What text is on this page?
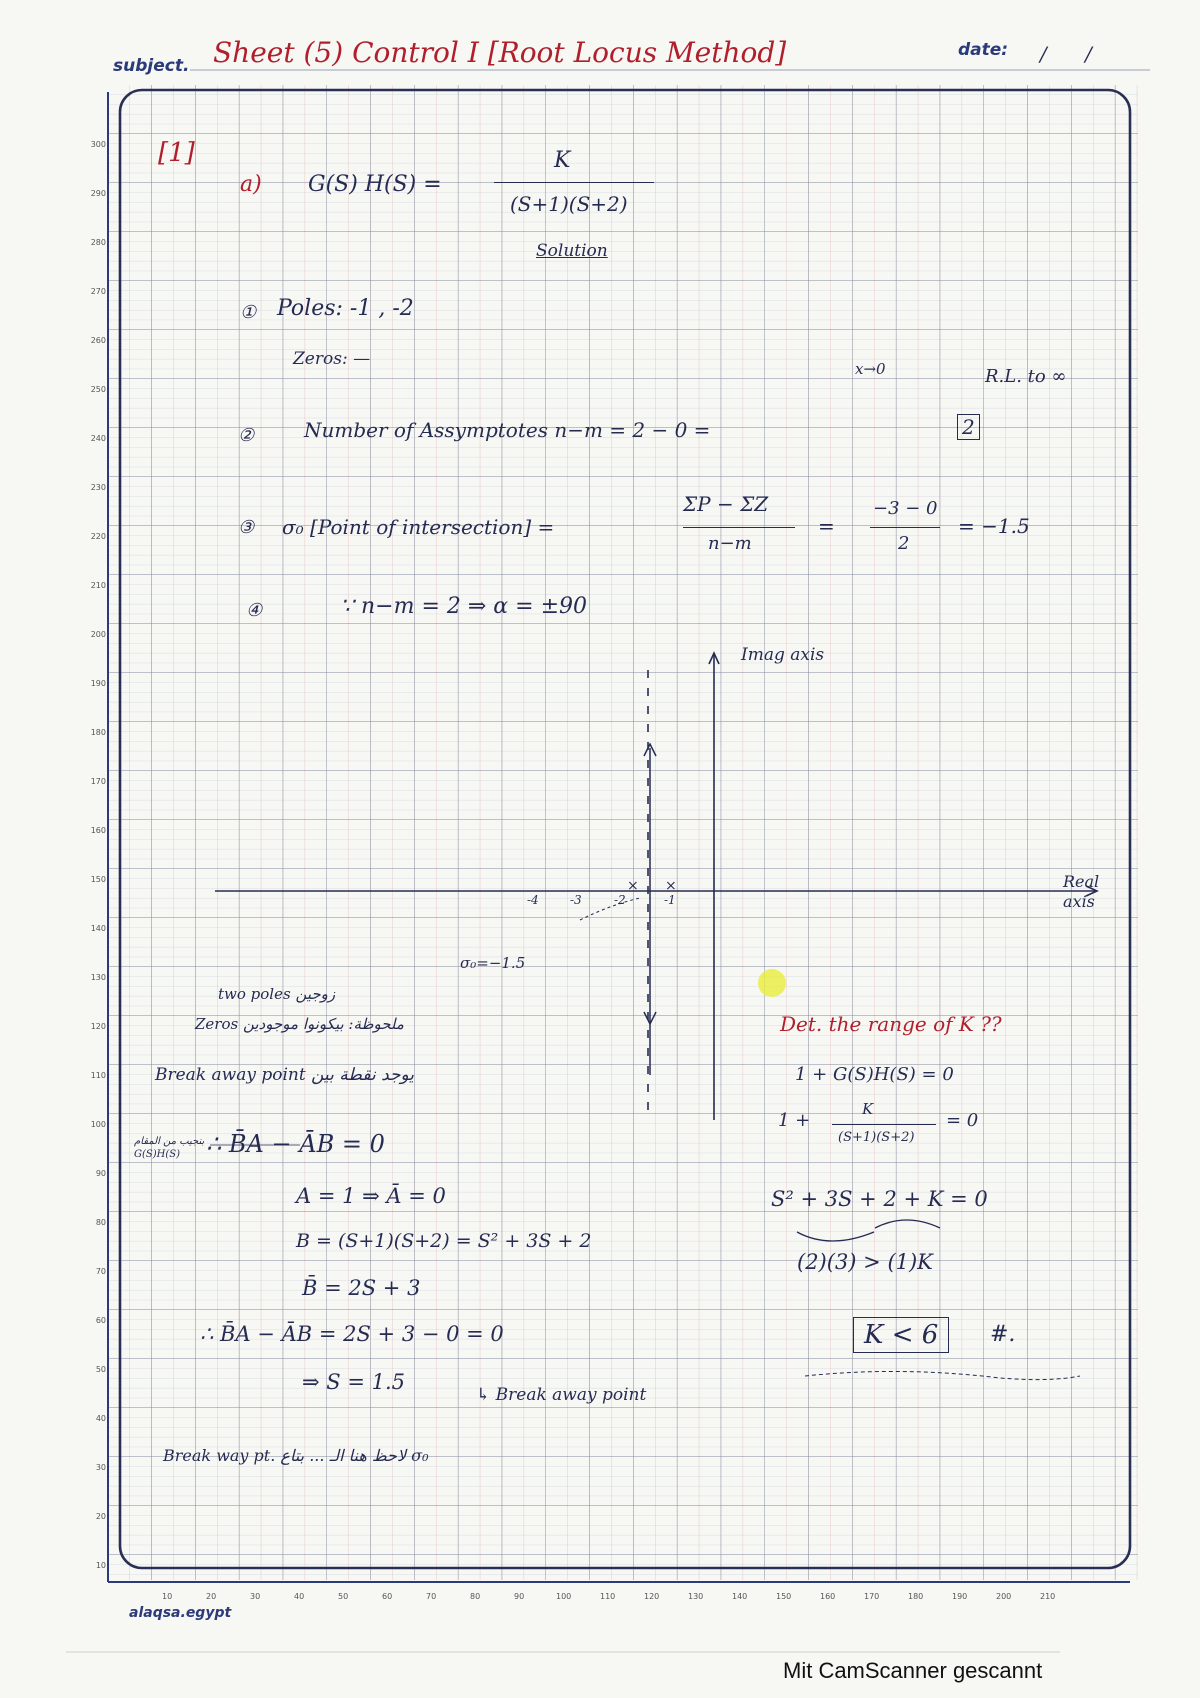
subject. Sheet (5) Control I [Root Locus Method]	date: / /
300
290
280
270
260
250
240
230
220
210
200
190
180
170
160
150
140
130
120
110
100
90
80
70
60
50
40
30
20
10
10	20	30	40	50	60	70	80	90	100	110	120	130	140	150	160	170	180	190	200	210
[1]
a) G(S) H(S) =
K
(S+1)(S+2)
Solution
① Poles: -1 , -2
Zeros: —	x→0	R.L. to ∞
② Number of Assymptotes n−m = 2 − 0 =	2
③ σ₀ [Point of intersection] =
ΣP − ΣZ
n−m
=
−3 − 0
2
= −1.5
④	∵ n−m = 2 ⇒ α = ±90
Imag axis
Real axis
-4	-3	-2	-1
× ×
σ₀=−1.5
two poles زوجين
Zeros ملحوظة: بيكونوا موجودين
Break away point يوجد نقطة بين
بنجيب من المقام G(S)H(S)	∴ B̄A − ĀB = 0
A = 1 ⇒ Ā = 0
B = (S+1)(S+2) = S² + 3S + 2
B̄ = 2S + 3
∴ B̄A − ĀB = 2S + 3 − 0 = 0
⇒ S = 1.5
↳ Break away point
Break way pt. لاحظ هنا الـ ... بتاع σ₀
Det. the range of K ??
1 + G(S)H(S) = 0
1 +
K
(S+1)(S+2)
= 0
S² + 3S + 2 + K = 0
(2)(3) > (1)K
K < 6	#.
alaqsa.egypt
Mit CamScanner gescannt
